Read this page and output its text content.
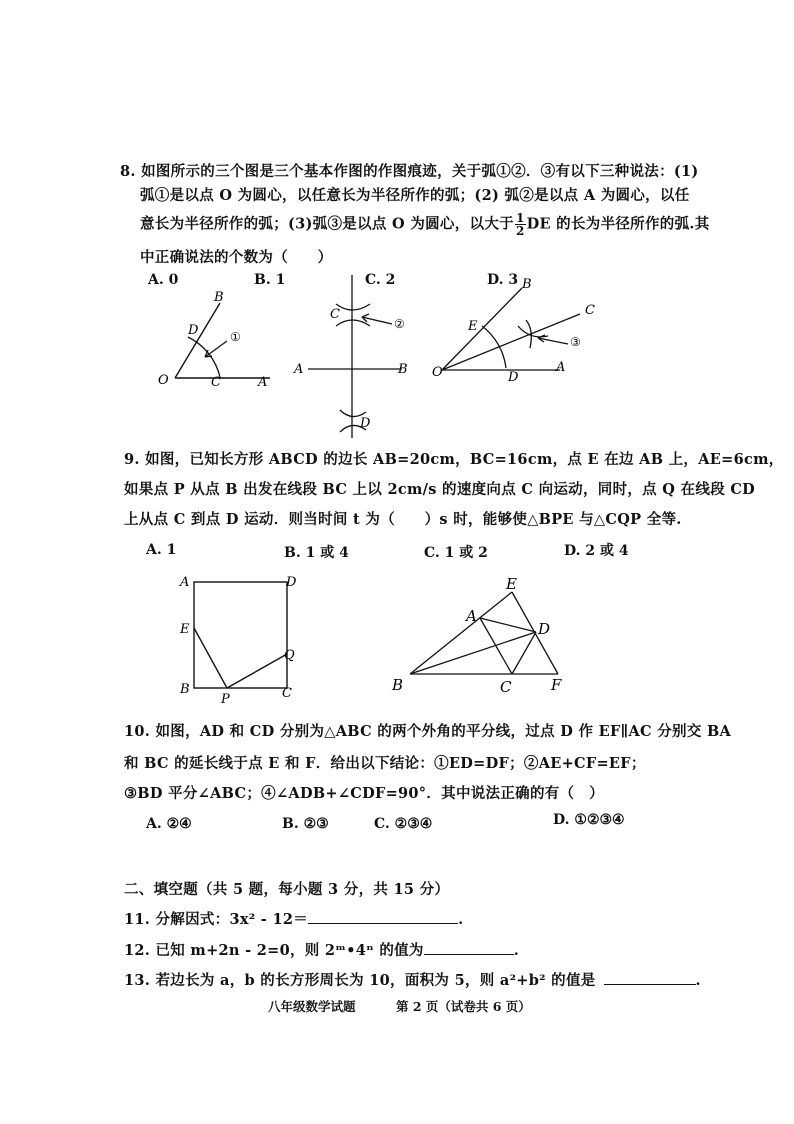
8. 如图所示的三个图是三个基本作图的作图痕迹，关于弧①②．③有以下三种说法：(1)
弧①是以点 O 为圆心，以任意长为半径所作的弧；(2) 弧②是以点 A 为圆心，以任
意长为半径所作的弧；(3)弧③是以点 O 为圆心，以大于 $\frac{1}{2}$ DE 的长为半径所作的弧.其
中正确说法的个数为（　　）
A. 0	B. 1	C. 2	D. 3
B
D	①
O	C	A
C
②
A	B
D
B
C
E
③
O	D
A
9. 如图，已知长方形 ABCD 的边长 AB=20cm，BC=16cm，点 E 在边 AB 上，AE=6cm，
如果点 P 从点 B 出发在线段 BC 上以 2cm/s 的速度向点 C 向运动，同时，点 Q 在线段 CD
上从点 C 到点 D 运动．则当时间 t 为（　　）s 时，能够使△BPE 与△CQP 全等.
A. 1	B. 1 或 4	C. 1 或 2	D. 2 或 4
A	D
E
Q
B
P	C
E
A
D
B	C	F
10. 如图，AD 和 CD 分别为△ABC 的两个外角的平分线，过点 D 作 EF∥AC 分别交 BA
和 BC 的延长线于点 E 和 F．给出以下结论：①ED=DF；②AE+CF=EF；
③BD 平分∠ABC；④∠ADB+∠CDF=90°．其中说法正确的有（　）
A. ②④	B. ②③	C. ②③④	D. ①②③④
二、填空题（共 5 题，每小题 3 分，共 15 分）
11. 分解因式：3x² - 12＝	.
12. 已知 m+2n - 2=0，则 2ᵐ•4ⁿ 的值为	.
13. 若边长为 a，b 的长方形周长为 10，面积为 5，则 a²+b² 的值是	.
八年级数学试题	第 2 页（试卷共 6 页）
